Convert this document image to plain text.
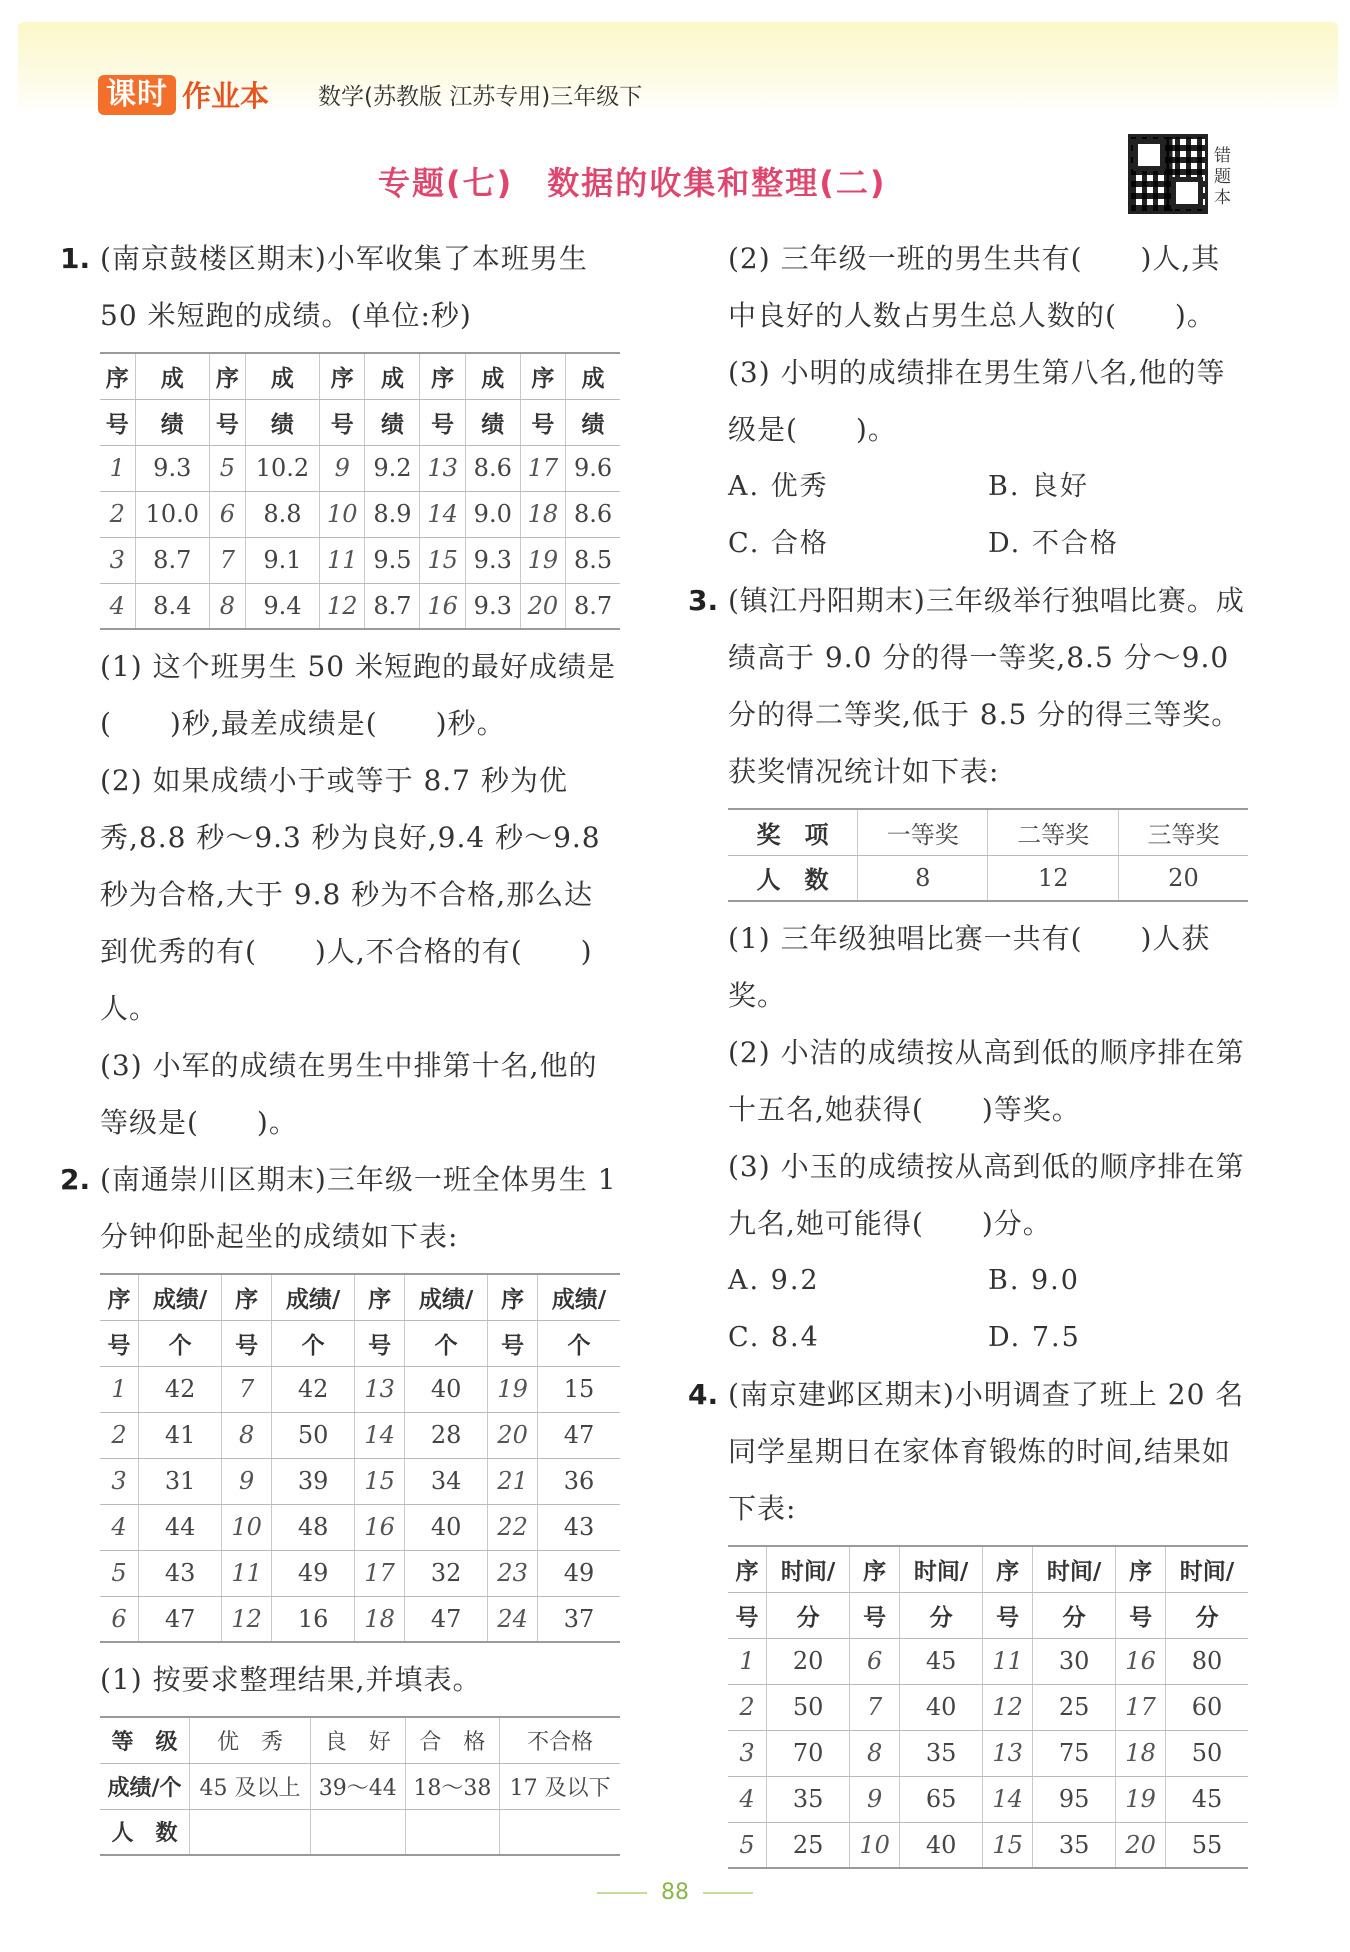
课时 作业本 数学(苏教版 江苏专用)三年级下
专题(七)　数据的收集和整理(二)
错题本
1. (南京鼓楼区期末)小军收集了本班男生 50 米短跑的成绩。(单位:秒)
序	成	序	成	序	成	序	成	序	成
号	绩	号	绩	号	绩	号	绩	号	绩
1	9.3	5	10.2	9	9.2	13	8.6	17	9.6
2	10.0	6	8.8	10	8.9	14	9.0	18	8.6
3	8.7	7	9.1	11	9.5	15	9.3	19	8.5
4	8.4	8	9.4	12	8.7	16	9.3	20	8.7
(1) 这个班男生 50 米短跑的最好成绩是(　　)秒,最差成绩是(　　)秒。
(2) 如果成绩小于或等于 8.7 秒为优秀,8.8 秒～9.3 秒为良好,9.4 秒～9.8 秒为合格,大于 9.8 秒为不合格,那么达到优秀的有(　　)人,不合格的有(　　)人。
(3) 小军的成绩在男生中排第十名,他的等级是(　　)。
2. (南通崇川区期末)三年级一班全体男生 1 分钟仰卧起坐的成绩如下表:
序	成绩/	序	成绩/	序	成绩/	序	成绩/
号	个	号	个	号	个	号	个
1	42	7	42	13	40	19	15
2	41	8	50	14	28	20	47
3	31	9	39	15	34	21	36
4	44	10	48	16	40	22	43
5	43	11	49	17	32	23	49
6	47	12	16	18	47	24	37
(1) 按要求整理结果,并填表。
等　级	优　秀	良　好	合　格	不合格
成绩/个	45 及以上	39～44	18～38	17 及以下
人　数				
(2) 三年级一班的男生共有(　　)人,其中良好的人数占男生总人数的(　　)。
(3) 小明的成绩排在男生第八名,他的等级是(　　)。
A. 优秀	B. 良好
C. 合格	D. 不合格
3. (镇江丹阳期末)三年级举行独唱比赛。成绩高于 9.0 分的得一等奖,8.5 分～9.0 分的得二等奖,低于 8.5 分的得三等奖。获奖情况统计如下表:
奖　项	一等奖	二等奖	三等奖
人　数	8	12	20
(1) 三年级独唱比赛一共有(　　)人获奖。
(2) 小洁的成绩按从高到低的顺序排在第十五名,她获得(　　)等奖。
(3) 小玉的成绩按从高到低的顺序排在第九名,她可能得(　　)分。
A. 9.2	B. 9.0
C. 8.4	D. 7.5
4. (南京建邺区期末)小明调查了班上 20 名同学星期日在家体育锻炼的时间,结果如下表:
序	时间/	序	时间/	序	时间/	序	时间/
号	分	号	分	号	分	号	分
1	20	6	45	11	30	16	80
2	50	7	40	12	25	17	60
3	70	8	35	13	75	18	50
4	35	9	65	14	95	19	45
5	25	10	40	15	35	20	55
88
